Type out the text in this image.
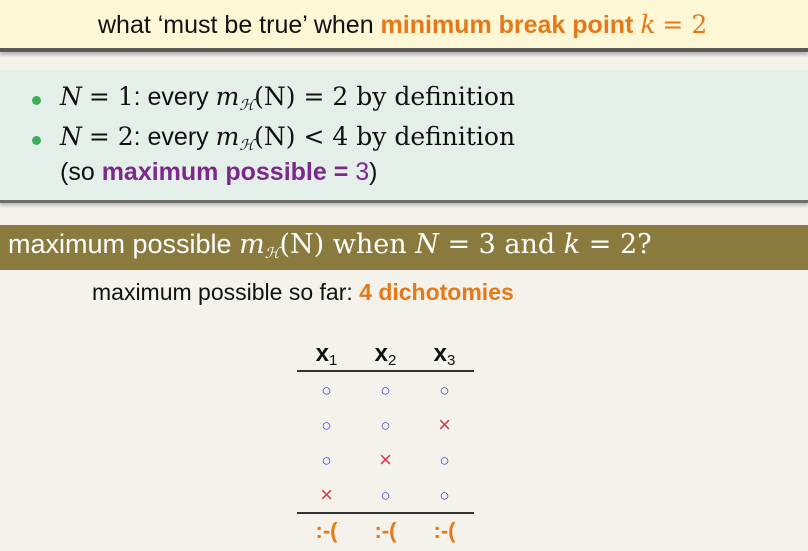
what ‘must be true’ when minimum break point k = 2
N = 1: every $m_ℋ(N) = 2$ by definition
N = 2: every $m_ℋ(N) < 4$ by definition
(so maximum possible = 3)
maximum possible mℋ(N) when N = 3 and k = 2?
maximum possible so far: 4 dichotomies
x1	x2	x3
○	○	○
○	○	×
○	×	○
×	○	○
:-(	:-(	:-(
